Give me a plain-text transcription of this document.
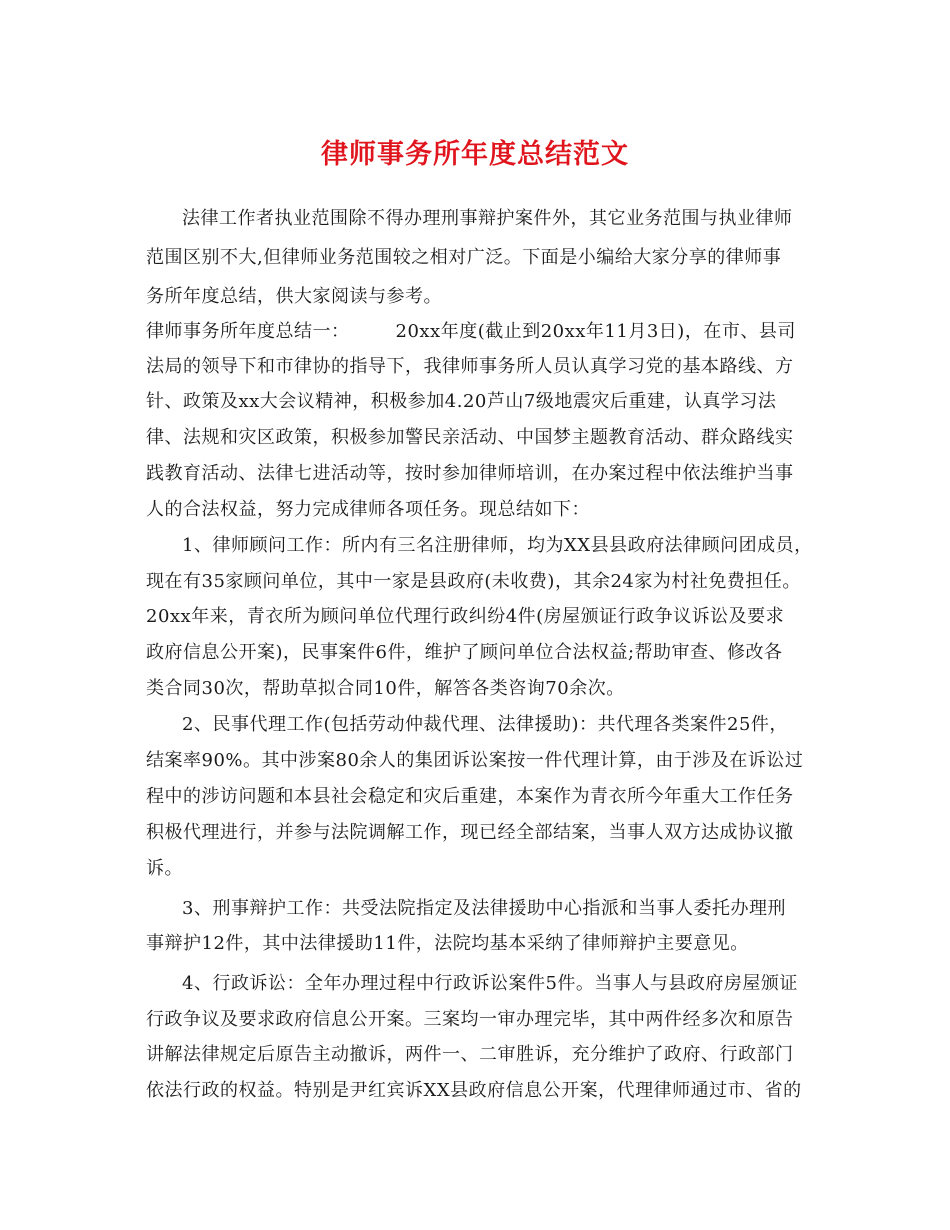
律师事务所年度总结范文
法律工作者执业范围除不得办理刑事辩护案件外，其它业务范围与执业律师
范围区别不大,但律师业务范围较之相对广泛。下面是小编给大家分享的律师事
务所年度总结，供大家阅读与参考。
律师事务所年度总结一：	20xx年度(截止到20xx年11月3日)，在市、县司
法局的领导下和市律协的指导下，我律师事务所人员认真学习党的基本路线、方
针、政策及xx大会议精神，积极参加4.20芦山7级地震灾后重建，认真学习法
律、法规和灾区政策，积极参加警民亲活动、中国梦主题教育活动、群众路线实
践教育活动、法律七进活动等，按时参加律师培训，在办案过程中依法维护当事
人的合法权益，努力完成律师各项任务。现总结如下：
1、律师顾问工作：所内有三名注册律师，均为XX县县政府法律顾问团成员，
现在有35家顾问单位，其中一家是县政府(未收费)，其余24家为村社免费担任。
20xx年来，青衣所为顾问单位代理行政纠纷4件(房屋颁证行政争议诉讼及要求
政府信息公开案)，民事案件6件，维护了顾问单位合法权益;帮助审查、修改各
类合同30次，帮助草拟合同10件，解答各类咨询70余次。
2、民事代理工作(包括劳动仲裁代理、法律援助)：共代理各类案件25件，
结案率90%。其中涉案80余人的集团诉讼案按一件代理计算，由于涉及在诉讼过
程中的涉访问题和本县社会稳定和灾后重建，本案作为青衣所今年重大工作任务
积极代理进行，并参与法院调解工作，现已经全部结案，当事人双方达成协议撤
诉。
3、刑事辩护工作：共受法院指定及法律援助中心指派和当事人委托办理刑
事辩护12件，其中法律援助11件，法院均基本采纳了律师辩护主要意见。
4、行政诉讼：全年办理过程中行政诉讼案件5件。当事人与县政府房屋颁证
行政争议及要求政府信息公开案。三案均一审办理完毕，其中两件经多次和原告
讲解法律规定后原告主动撤诉，两件一、二审胜诉，充分维护了政府、行政部门
依法行政的权益。特别是尹红宾诉XX县政府信息公开案，代理律师通过市、省的
